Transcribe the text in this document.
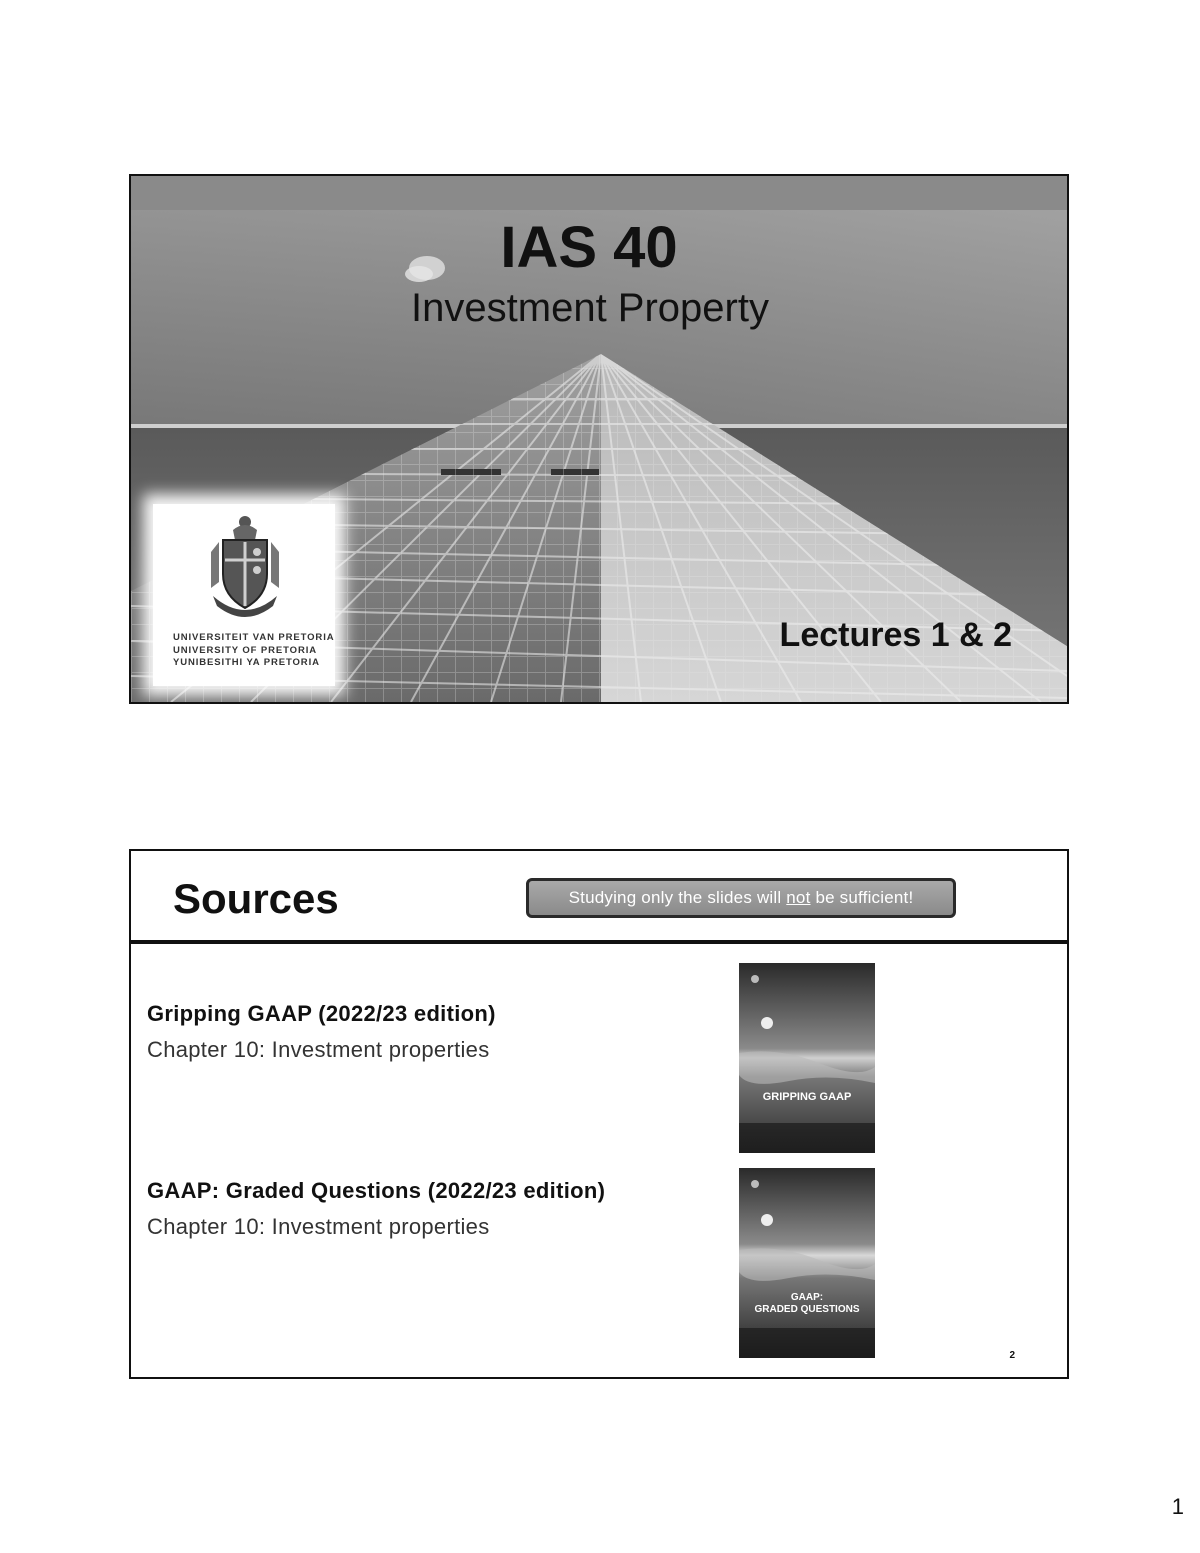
IAS 40
Investment Property
Lectures 1 & 2
UNIVERSITEIT VAN PRETORIA
UNIVERSITY OF PRETORIA
YUNIBESITHI YA PRETORIA
Sources	Studying only the slides will not be sufficient!
Gripping GAAP (2022/23 edition)
Chapter 10: Investment properties
GRIPPING GAAP
GAAP: Graded Questions (2022/23 edition)
Chapter 10: Investment properties
GAAP:
GRADED QUESTIONS
2
1
